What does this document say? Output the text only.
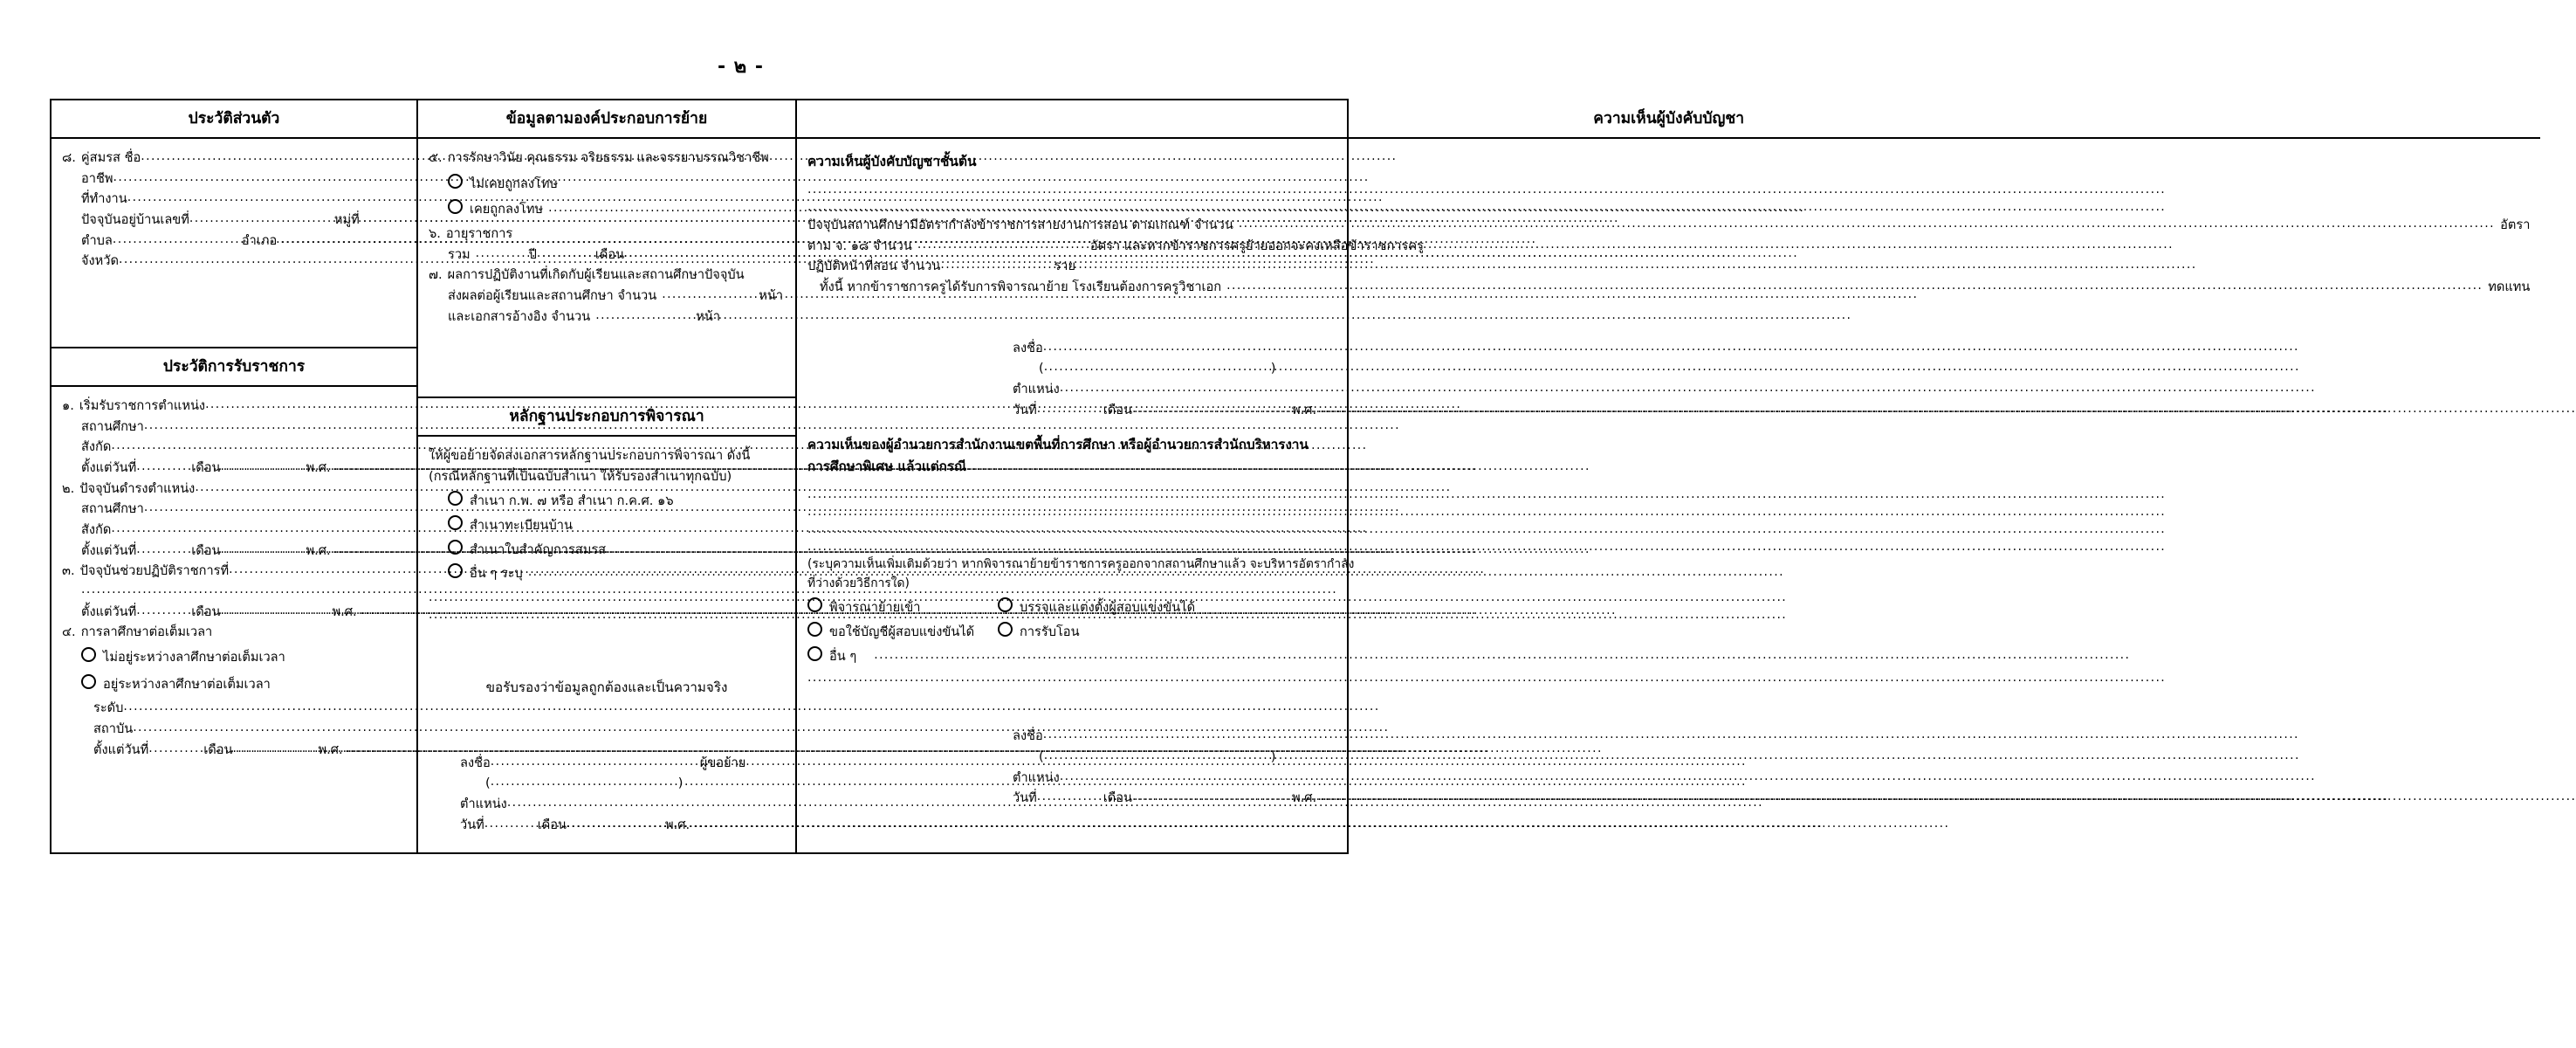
- ๒ -
ประวัติส่วนตัว
๘. คู่สมรส ชื่อ
.....
อาชีพ
.....
ที่ทำงาน
.....
ปัจจุบันอยู่บ้านเลขที่ .....	หมู่ที่
.....
ตำบล .....	อำเภอ
.....
จังหวัด
.....
ประวัติการรับราชการ
๑. เริ่มรับราชการตำแหน่ง
.....
สถานศึกษา
.....
สังกัด
.....
ตั้งแต่วันที่ .....	เดือน .....	พ.ศ.
.....
๒. ปัจจุบันดำรงตำแหน่ง
.....
สถานศึกษา
.....
สังกัด
.....
ตั้งแต่วันที่ .....	เดือน .....	พ.ศ.
.....
๓. ปัจจุบันช่วยปฏิบัติราชการที่
.....
.....
ตั้งแต่วันที่ .....	เดือน .....	พ.ศ.
.....
๔. การลาศึกษาต่อเต็มเวลา
ไม่อยู่ระหว่างลาศึกษาต่อเต็มเวลา
อยู่ระหว่างลาศึกษาต่อเต็มเวลา
ระดับ
.....
สถาบัน
.....
ตั้งแต่วันที่ .....	เดือน .....	พ.ศ.
.....
ข้อมูลตามองค์ประกอบการย้าย
๕. การรักษาวินัย คุณธรรม จริยธรรม และจรรยาบรรณวิชาชีพ
ไม่เคยถูกลงโทษ
เคยถูกลงโทษ
.....
๖. อายุราชการ
รวม .....	ปี .....	เดือน
๗. ผลการปฏิบัติงานที่เกิดกับผู้เรียนและสถานศึกษาปัจจุบัน
ส่งผลต่อผู้เรียนและสถานศึกษา จำนวน .....	หน้า
และเอกสารอ้างอิง จำนวน .....	หน้า
หลักฐานประกอบการพิจารณา
ให้ผู้ขอย้ายจัดส่งเอกสารหลักฐานประกอบการพิจารณา ดังนี้
(กรณีหลักฐานที่เป็นฉบับสำเนา ให้รับรองสำเนาทุกฉบับ)
สำเนา ก.พ. ๗ หรือ สำเนา ก.ค.ศ. ๑๖
สำเนาทะเบียนบ้าน
สำเนาใบสำคัญการสมรส
อื่น ๆ ระบุ
.....
.....
.....
ขอรับรองว่าข้อมูลถูกต้องและเป็นความจริง
ลงชื่อ .....	ผู้ขอย้าย
( .....	)
ตำแหน่ง
.....
วันที่ .....	เดือน .....	พ.ศ.
.....
ความเห็นผู้บังคับบัญชา
ความเห็นผู้บังคับบัญชาชั้นต้น
.....
.....
ปัจจุบันสถานศึกษามีอัตรากำลังข้าราชการสายงานการสอน ตามเกณฑ์ จำนวน .....	อัตรา
ตาม จ. ๑๘ จำนวน .....	อัตรา และหากข้าราชการครูย้ายออกจะคงเหลือข้าราชการครู
ปฏิบัติหน้าที่สอน จำนวน .....	ราย
ทั้งนี้ หากข้าราชการครูได้รับการพิจารณาย้าย โรงเรียนต้องการครูวิชาเอก .....	ทดแทน
ลงชื่อ
.....
( .....	)
ตำแหน่ง
.....
วันที่ .....	เดือน .....	พ.ศ.
.....
ความเห็นของผู้อำนวยการสำนักงานเขตพื้นที่การศึกษา หรือผู้อำนวยการสำนักบริหารงาน
การศึกษาพิเศษ แล้วแต่กรณี
.....
.....
.....
.....
(ระบุความเห็นเพิ่มเติมด้วยว่า หากพิจารณาย้ายข้าราชการครูออกจากสถานศึกษาแล้ว จะบริหารอัตรากำลัง
ที่ว่างด้วยวิธีการใด)
พิจารณาย้ายเข้า	บรรจุและแต่งตั้งผู้สอบแข่งขันได้
ขอใช้บัญชีผู้สอบแข่งขันได้	การรับโอน
อื่น ๆ
.....
.....
ลงชื่อ
.....
( .....	)
ตำแหน่ง
.....
วันที่ .....	เดือน .....	พ.ศ.
.....
